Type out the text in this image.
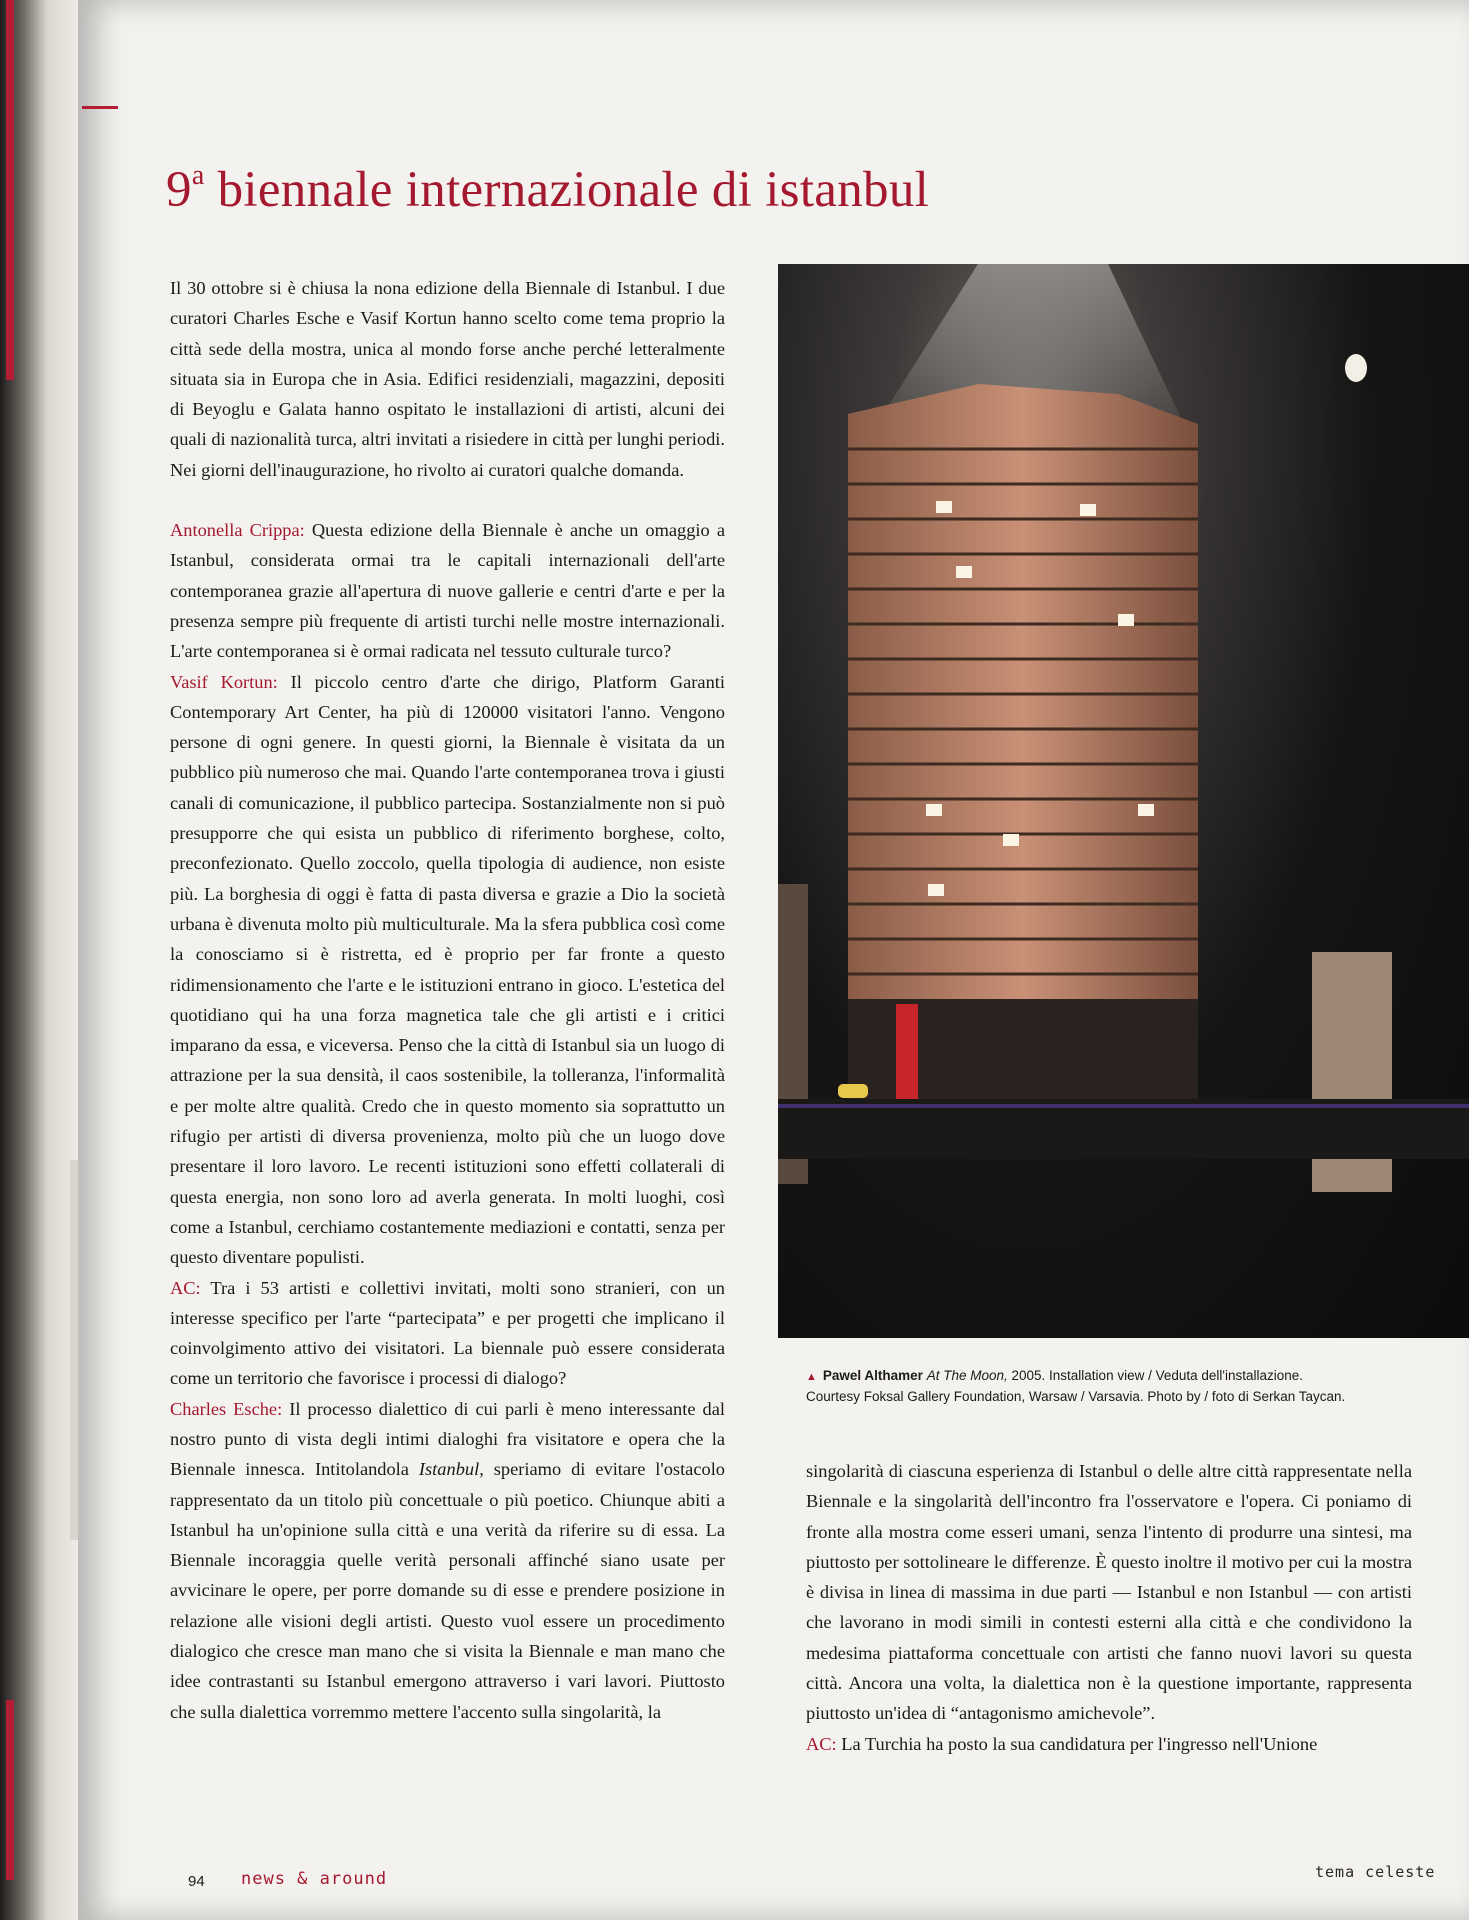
9$^a$ biennale internazionale di istanbul

Il 30 ottobre si è chiusa la nona edizione della Biennale di Istanbul. I due curatori Charles Esche e Vasif Kortun hanno scelto come tema proprio la città sede della mostra, unica al mondo forse anche perché letteralmente situata sia in Europa che in Asia. Edifici residenziali, magazzini, depositi di Beyoglu e Galata hanno ospitato le installazioni di artisti, alcuni dei quali di nazionalità turca, altri invitati a risiedere in città per lunghi periodi. Nei giorni dell'inaugurazione, ho rivolto ai curatori qualche domanda.

Antonella Crippa: Questa edizione della Biennale è anche un omaggio a Istanbul, considerata ormai tra le capitali internazionali dell'arte contemporanea grazie all'apertura di nuove gallerie e centri d'arte e per la presenza sempre più frequente di artisti turchi nelle mostre internazionali. L'arte contemporanea si è ormai radicata nel tessuto culturale turco?

Vasif Kortun: Il piccolo centro d'arte che dirigo, Platform Garanti Contemporary Art Center, ha più di 120000 visitatori l'anno. Vengono persone di ogni genere. In questi giorni, la Biennale è visitata da un pubblico più numeroso che mai. Quando l'arte contemporanea trova i giusti canali di comunicazione, il pubblico partecipa. Sostanzialmente non si può presupporre che qui esista un pubblico di riferimento borghese, colto, preconfezionato. Quello zoccolo, quella tipologia di audience, non esiste più. La borghesia di oggi è fatta di pasta diversa e grazie a Dio la società urbana è divenuta molto più multiculturale. Ma la sfera pubblica così come la conosciamo si è ristretta, ed è proprio per far fronte a questo ridimensionamento che l'arte e le istituzioni entrano in gioco. L'estetica del quotidiano qui ha una forza magnetica tale che gli artisti e i critici imparano da essa, e viceversa. Penso che la città di Istanbul sia un luogo di attrazione per la sua densità, il caos sostenibile, la tolleranza, l'informalità e per molte altre qualità. Credo che in questo momento sia soprattutto un rifugio per artisti di diversa provenienza, molto più che un luogo dove presentare il loro lavoro. Le recenti istituzioni sono effetti collaterali di questa energia, non sono loro ad averla generata. In molti luoghi, così come a Istanbul, cerchiamo costantemente mediazioni e contatti, senza per questo diventare populisti.

AC: Tra i 53 artisti e collettivi invitati, molti sono stranieri, con un interesse specifico per l'arte “partecipata” e per progetti che implicano il coinvolgimento attivo dei visitatori. La biennale può essere considerata come un territorio che favorisce i processi di dialogo?

Charles Esche: Il processo dialettico di cui parli è meno interessante dal nostro punto di vista degli intimi dialoghi fra visitatore e opera che la Biennale innesca. Intitolandola Istanbul, speriamo di evitare l'ostacolo rappresentato da un titolo più concettuale o più poetico. Chiunque abiti a Istanbul ha un'opinione sulla città e una verità da riferire su di essa. La Biennale incoraggia quelle verità personali affinché siano usate per avvicinare le opere, per porre domande su di esse e prendere posizione in relazione alle visioni degli artisti. Questo vuol essere un procedimento dialogico che cresce man mano che si visita la Biennale e man mano che idee contrastanti su Istanbul emergono attraverso i vari lavori. Piuttosto che sulla dialettica vorremmo mettere l'accento sulla singolarità, la

▲ Pawel Althamer At The Moon, 2005. Installation view / Veduta dell'installazione.
Courtesy Foksal Gallery Foundation, Warsaw / Varsavia. Photo by / foto di Serkan Taycan.

singolarità di ciascuna esperienza di Istanbul o delle altre città rappresentate nella Biennale e la singolarità dell'incontro fra l'osservatore e l'opera. Ci poniamo di fronte alla mostra come esseri umani, senza l'intento di produrre una sintesi, ma piuttosto per sottolineare le differenze. È questo inoltre il motivo per cui la mostra è divisa in linea di massima in due parti — Istanbul e non Istanbul — con artisti che lavorano in modi simili in contesti esterni alla città e che condividono la medesima piattaforma concettuale con artisti che fanno nuovi lavori su questa città. Ancora una volta, la dialettica non è la questione importante, rappresenta piuttosto un'idea di “antagonismo amichevole”.

AC: La Turchia ha posto la sua candidatura per l'ingresso nell'Unione

94 news & around	tema celeste
